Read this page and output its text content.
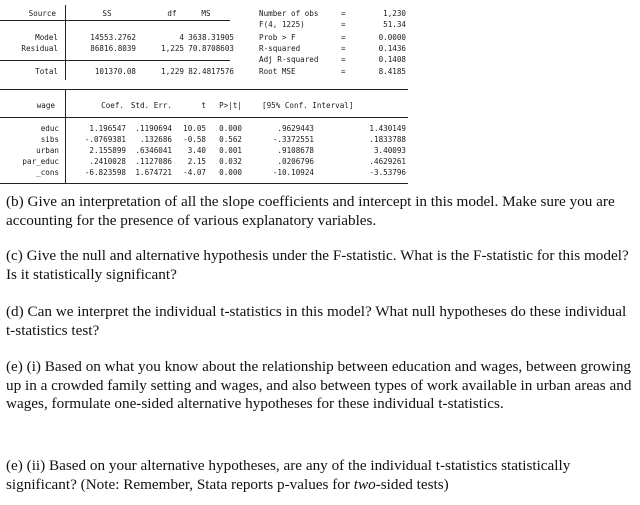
Source	SS	df	MS
Model	14553.2762	4 3638.31905
Residual	86816.8039	1,225 70.8708603
Total	101370.08	1,229 82.4817576
Number of obs	=	1,230
F(4, 1225)	=	51.34
Prob > F	=	0.0000
R-squared	=	0.1436
Adj R-squared	=	0.1408
Root MSE	=	8.4185
wage	Coef. Std. Err.	t	P>|t|	[95% Conf. Interval]
educ	1.196547	.1190694	10.05	0.000	.9629443	1.430149
sibs	-.0769381	.132686	-0.58	0.562	-.3372551	.1833788
urban	2.155899	.6346041	3.40	0.001	.9108678	3.40093
par_educ	.2410028	.1127086	2.15	0.032	.0206796	.4629261
_cons	-6.823598	1.674721	-4.07	0.000	-10.10924	-3.53796
(b) Give an interpretation of all the slope coefficients and intercept in this model. Make sure you are accounting for the presence of various explanatory variables.
(c) Give the null and alternative hypothesis under the F-statistic. What is the F-statistic for this model? Is it statistically significant?
(d) Can we interpret the individual t-statistics in this model? What null hypotheses do these individual t-statistics test?
(e) (i) Based on what you know about the relationship between education and wages, between growing up in a crowded family setting and wages, and also between types of work available in urban areas and wages, formulate one-sided alternative hypotheses for these individual t-statistics.
(e) (ii) Based on your alternative hypotheses, are any of the individual t-statistics statistically significant? (Note: Remember, Stata reports p-values for two-sided tests)
